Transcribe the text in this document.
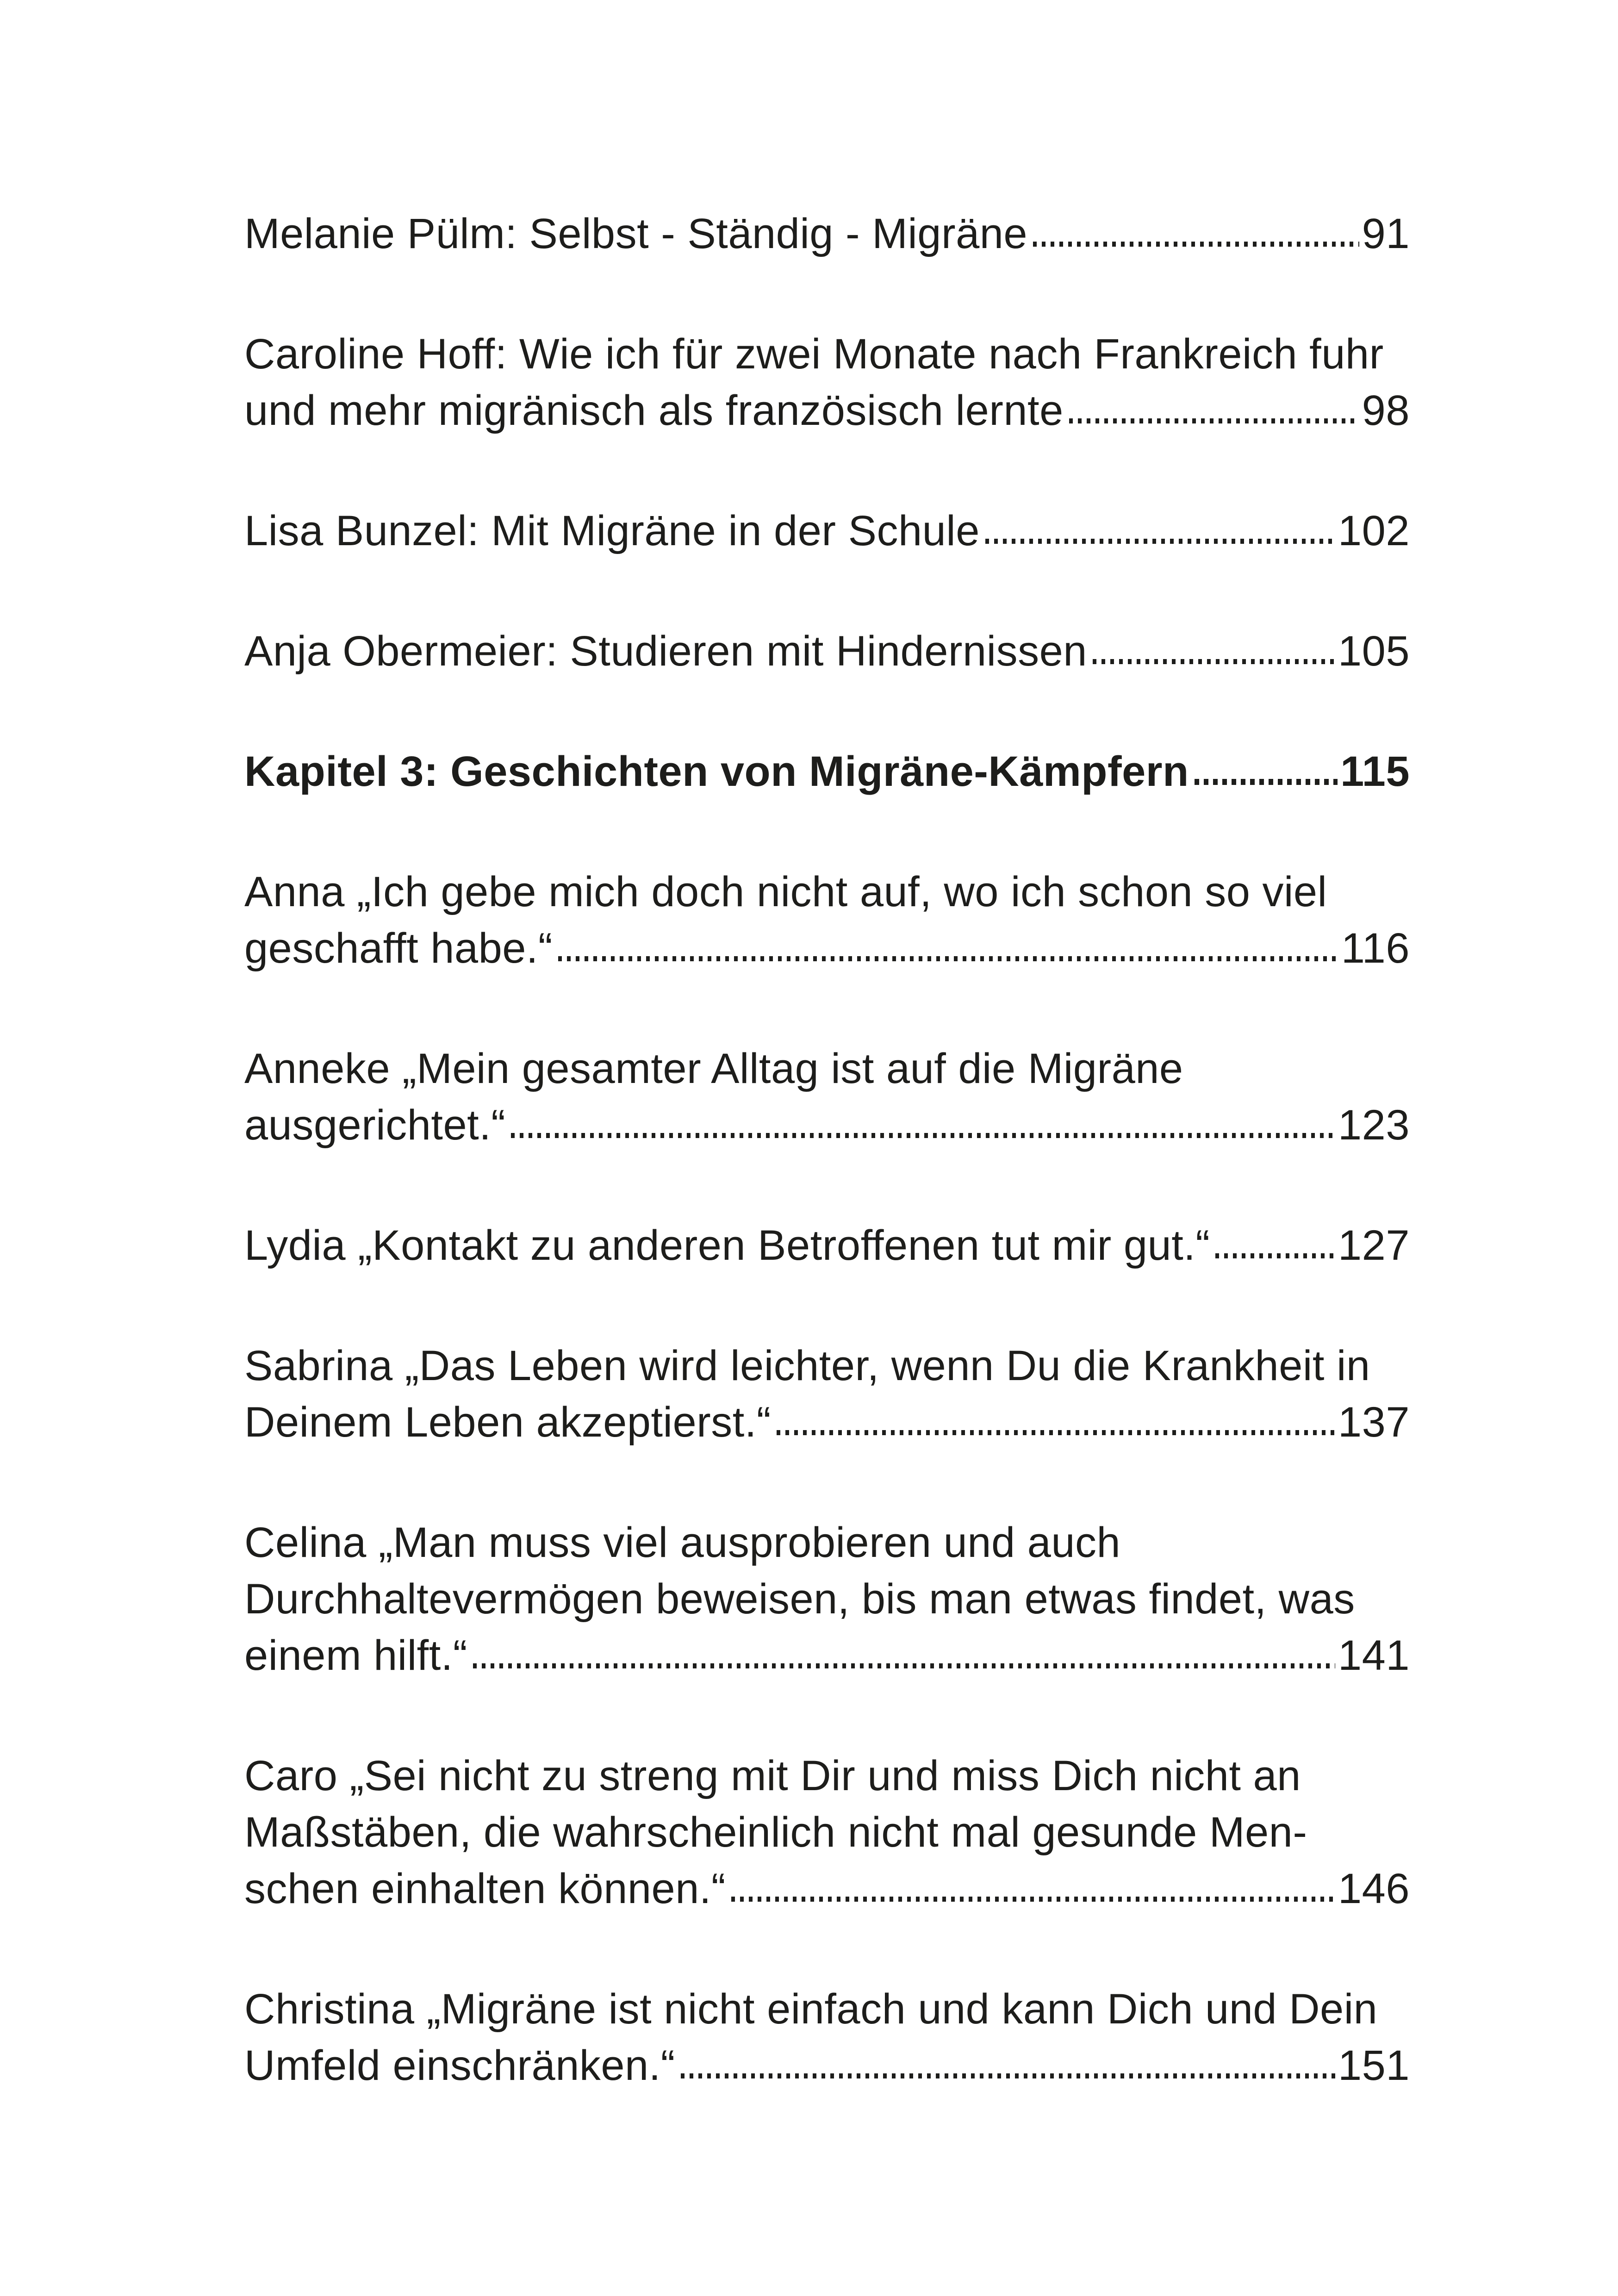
Melanie Pülm: Selbst - Ständig - Migräne	91
Caroline Hoff: Wie ich für zwei Monate nach Frankreich fuhr
und mehr migränisch als französisch lernte	98
Lisa Bunzel: Mit Migräne in der Schule	102
Anja Obermeier: Studieren mit Hindernissen	105
Kapitel 3: Geschichten von Migräne-Kämpfern	115
Anna „Ich gebe mich doch nicht auf, wo ich schon so viel
geschafft habe.“	116
Anneke „Mein gesamter Alltag ist auf die Migräne
ausgerichtet.“	123
Lydia „Kontakt zu anderen Betroffenen tut mir gut.“	127
Sabrina „Das Leben wird leichter, wenn Du die Krankheit in
Deinem Leben akzeptierst.“	137
Celina „Man muss viel ausprobieren und auch
Durchhaltevermögen beweisen, bis man etwas findet, was
einem hilft.“	141
Caro „Sei nicht zu streng mit Dir und miss Dich nicht an
Maßstäben, die wahrscheinlich nicht mal gesunde Men-
schen einhalten können.“	146
Christina „Migräne ist nicht einfach und kann Dich und Dein
Umfeld einschränken.“	151
